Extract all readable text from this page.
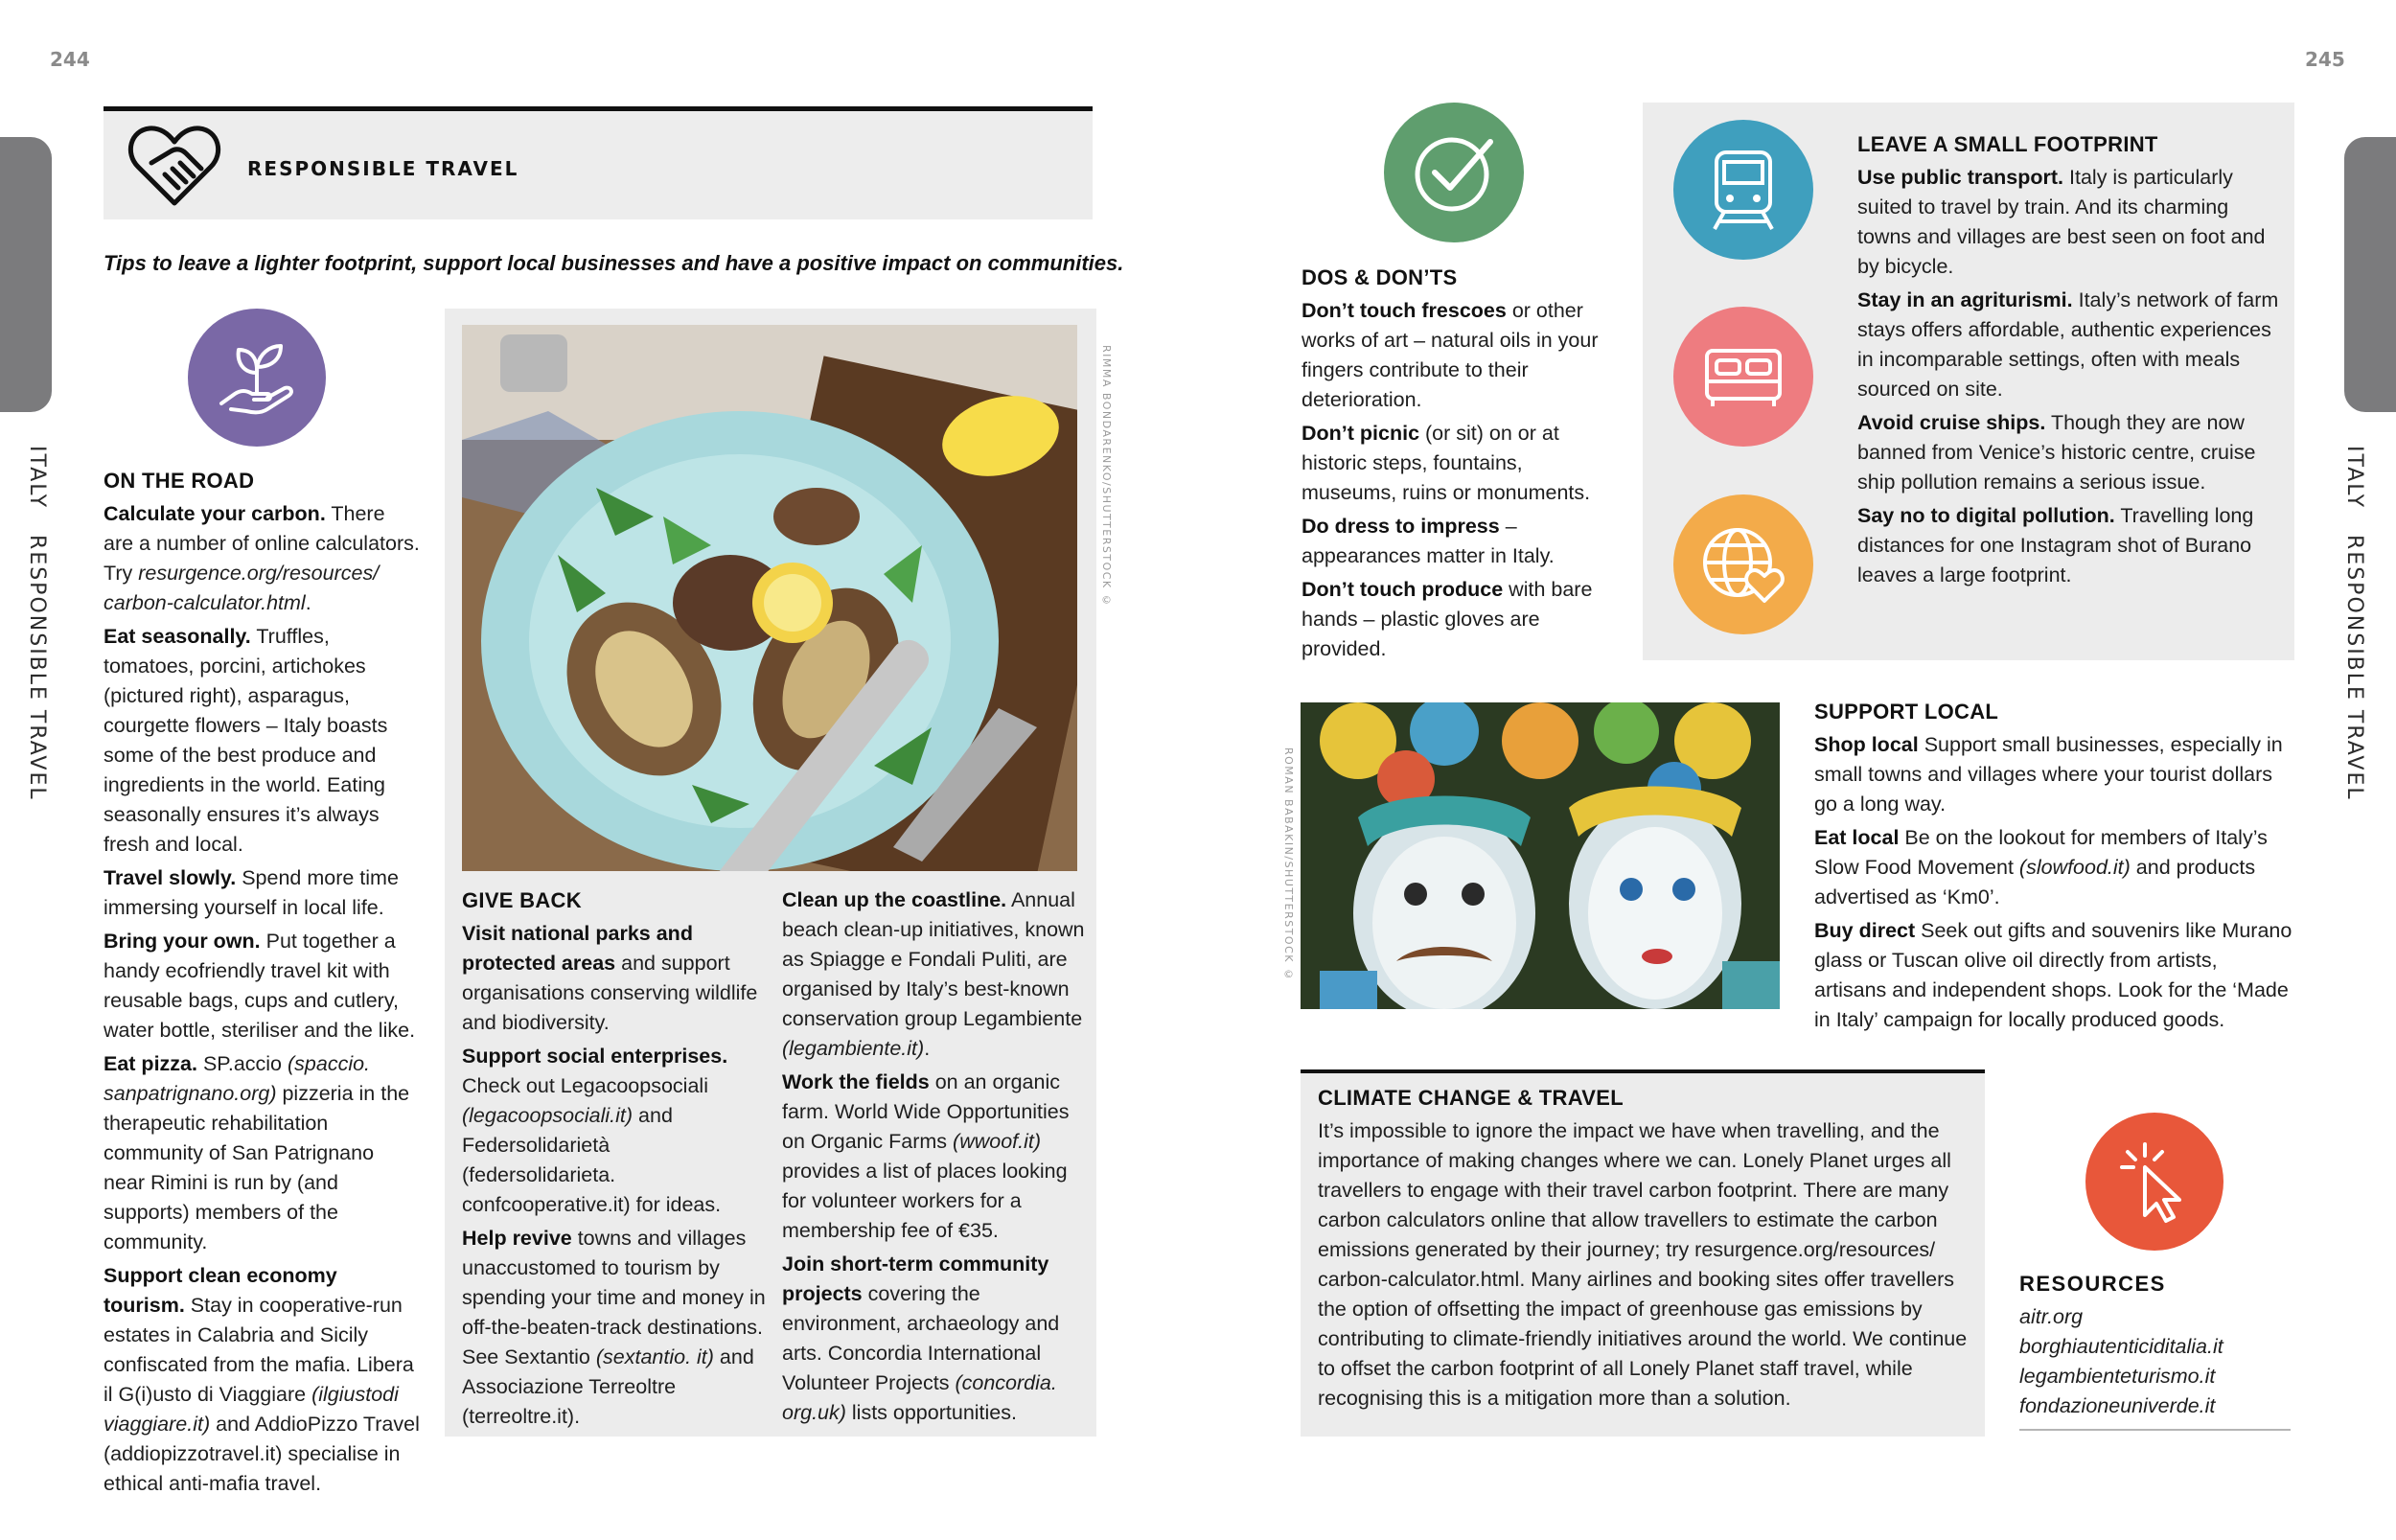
244	245
ITALY   RESPONSIBLE TRAVEL
ITALY   RESPONSIBLE TRAVEL
RESPONSIBLE TRAVEL
Tips to leave a lighter footprint, support local businesses and have a positive impact on communities.
ON THE ROAD

Calculate your carbon. There are a number of online calculators. Try resurgence.org/resources/ carbon-calculator.html.

Eat seasonally. Truffles, tomatoes, porcini, artichokes (pictured right), asparagus, courgette flowers – Italy boasts some of the best produce and ingredients in the world. Eating seasonally ensures it’s always fresh and local.

Travel slowly. Spend more time immersing yourself in local life.

Bring your own. Put together a handy ecofriendly travel kit with reusable bags, cups and cutlery, water bottle, steriliser and the like.

Eat pizza. SP.accio (spaccio. sanpatrignano.org) pizzeria in the therapeutic rehabilitation community of San Patrignano near Rimini is run by (and supports) members of the community.

Support clean economy tourism. Stay in cooperative-run estates in Calabria and Sicily confiscated from the mafia. Libera il G(i)usto di Viaggiare (ilgiustodi viaggiare.it) and AddioPizzo Travel (addiopizzotravel.it) specialise in ethical anti-mafia travel.

RIMMA BONDARENKO/SHUTTERSTOCK ©
GIVE BACK

Visit national parks and protected areas and support organisations conserving wildlife and biodiversity.

Support social enterprises. Check out Legacoopsociali (legacoopsociali.it) and Federsolidarietà (federsolidarieta. confcooperative.it) for ideas.

Help revive towns and villages unaccustomed to tourism by spending your time and money in off-the-beaten-track destinations. See Sextantio (sextantio. it) and Associazione Terreoltre (terreoltre.it).

Clean up the coastline. Annual beach clean-up initiatives, known as Spiagge e Fondali Puliti, are organised by Italy’s best-known conservation group Legambiente (legambiente.it).

Work the fields on an organic farm. World Wide Opportunities on Organic Farms (wwoof.it) provides a list of places looking for volunteer workers for a membership fee of €35.

Join short-term community projects covering the environment, archaeology and arts. Concordia International Volunteer Projects (concordia. org.uk) lists opportunities.

DOS & DON’TS

Don’t touch frescoes or other works of art – natural oils in your fingers contribute to their deterioration.

Don’t picnic (or sit) on or at historic steps, fountains, museums, ruins or monuments.

Do dress to impress – appearances matter in Italy.

Don’t touch produce with bare hands – plastic gloves are provided.

LEAVE A SMALL FOOTPRINT

Use public transport. Italy is particularly suited to travel by train. And its charming towns and villages are best seen on foot and by bicycle.

Stay in an agriturismi. Italy’s network of farm stays offers affordable, authentic experiences in incomparable settings, often with meals sourced on site.

Avoid cruise ships. Though they are now banned from Venice’s historic centre, cruise ship pollution remains a serious issue.

Say no to digital pollution. Travelling long distances for one Instagram shot of Burano leaves a large footprint.

ROMAN BABAKIN/SHUTTERSTOCK ©
SUPPORT LOCAL

Shop local Support small businesses, especially in small towns and villages where your tourist dollars go a long way.

Eat local Be on the lookout for members of Italy’s Slow Food Movement (slowfood.it) and products advertised as ‘Km0’.

Buy direct Seek out gifts and souvenirs like Murano glass or Tuscan olive oil directly from artists, artisans and independent shops. Look for the ‘Made in Italy’ campaign for locally produced goods.

CLIMATE CHANGE & TRAVEL

It’s impossible to ignore the impact we have when travelling, and the importance of making changes where we can. Lonely Planet urges all travellers to engage with their travel carbon footprint. There are many carbon calculators online that allow travellers to estimate the carbon emissions generated by their journey; try resurgence.org/resources/ carbon-calculator.html. Many airlines and booking sites offer travellers the option of offsetting the impact of greenhouse gas emissions by contributing to climate-friendly initiatives around the world. We continue to offset the carbon footprint of all Lonely Planet staff travel, while recognising this is a mitigation more than a solution.

RESOURCES
aitr.org
borghiautenticiditalia.it
legambienteturismo.it
fondazioneuniverde.it
